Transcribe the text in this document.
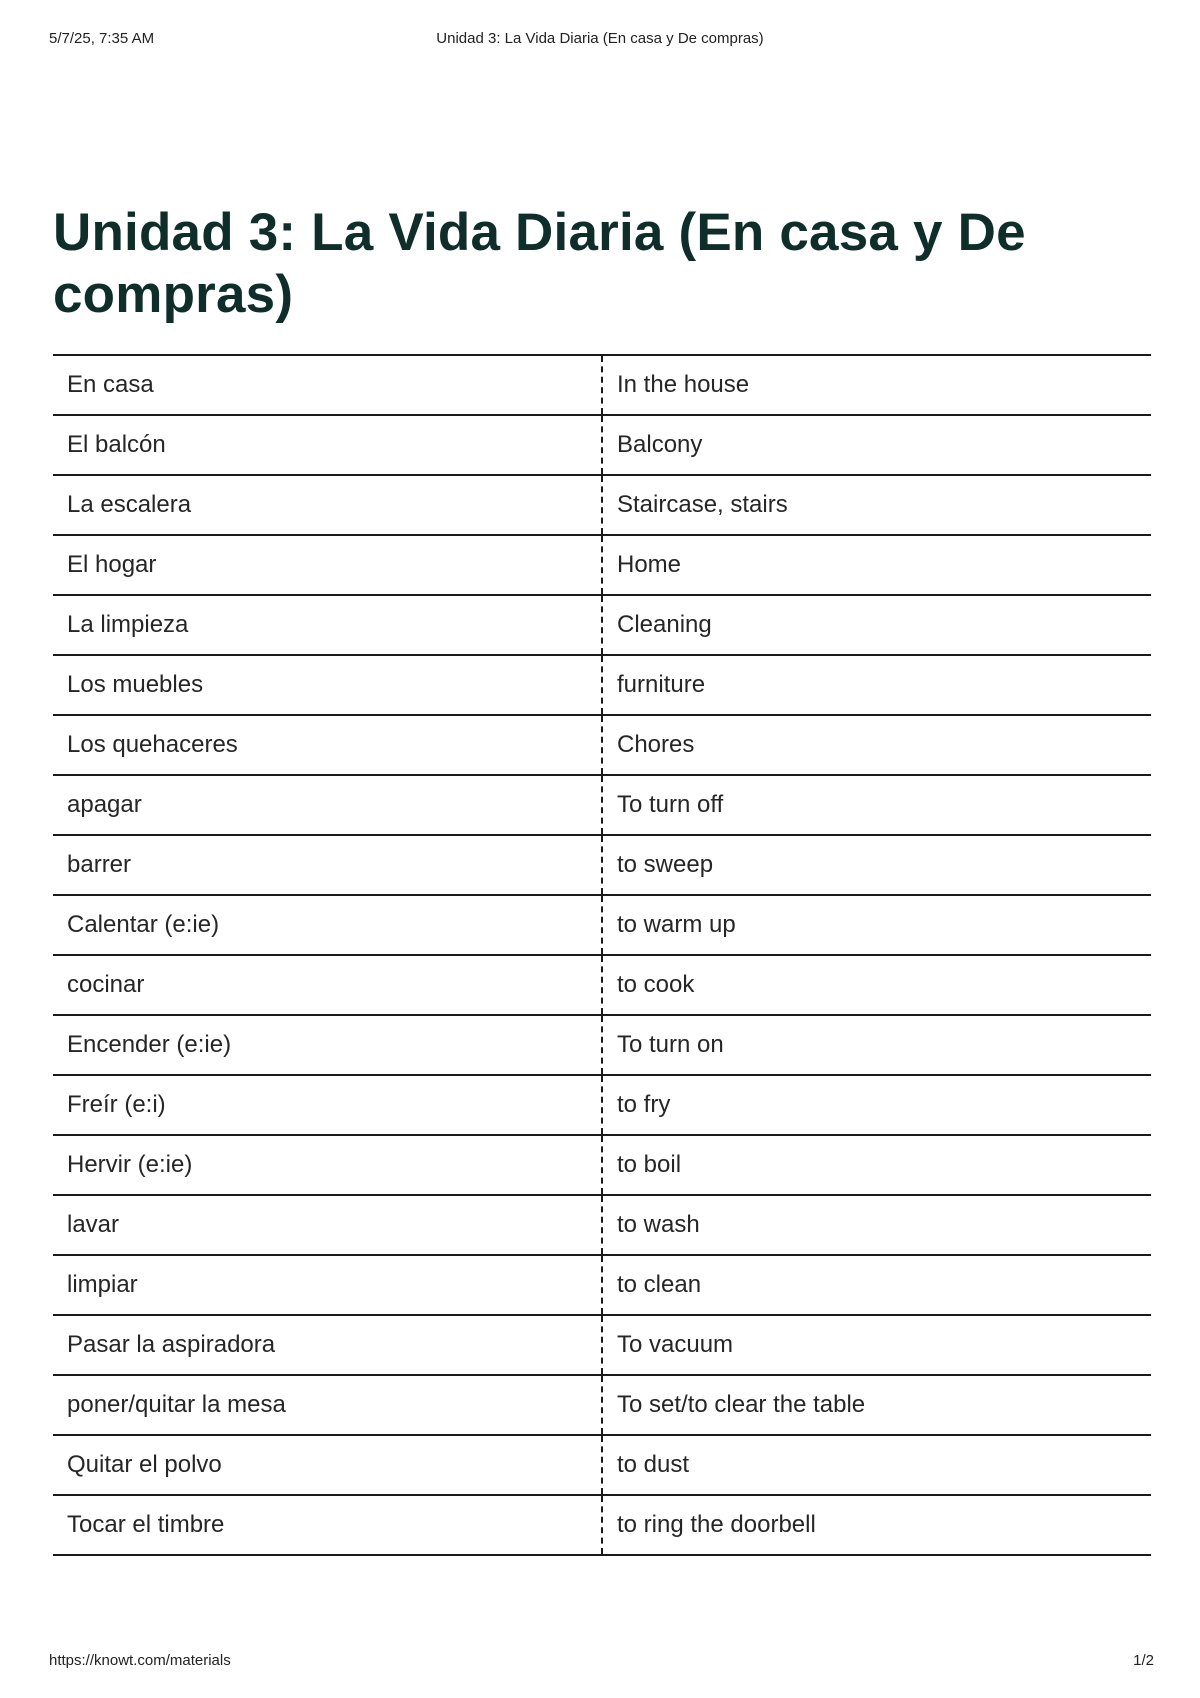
5/7/25, 7:35 AM	Unidad 3: La Vida Diaria (En casa y De compras)
Unidad 3: La Vida Diaria (En casa y De compras)
En casa	In the house
El balcón	Balcony
La escalera	Staircase, stairs
El hogar	Home
La limpieza	Cleaning
Los muebles	furniture
Los quehaceres	Chores
apagar	To turn off
barrer	to sweep
Calentar (e:ie)	to warm up
cocinar	to cook
Encender (e:ie)	To turn on
Freír (e:i)	to fry
Hervir (e:ie)	to boil
lavar	to wash
limpiar	to clean
Pasar la aspiradora	To vacuum
poner/quitar la mesa	To set/to clear the table
Quitar el polvo	to dust
Tocar el timbre	to ring the doorbell
https://knowt.com/materials	1/2
